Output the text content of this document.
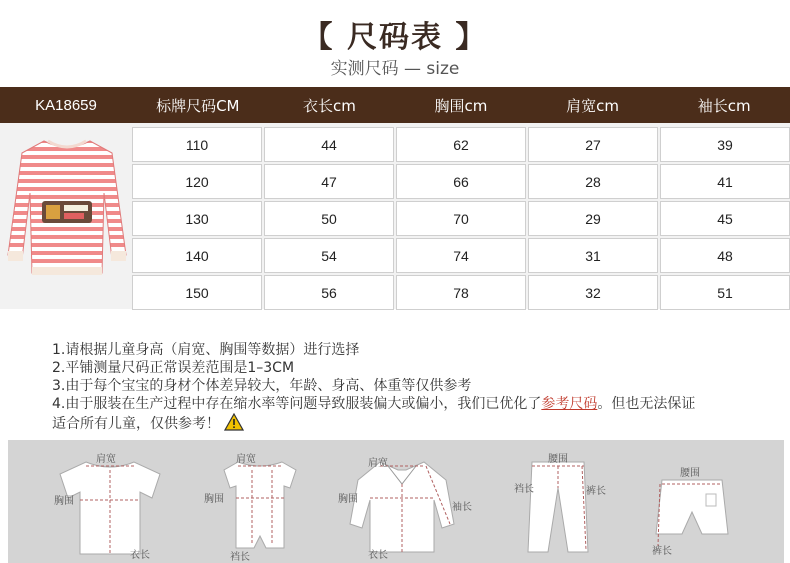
【 尺码表 】
实测尺码 — size
KA18659	标牌尺码CM	衣长cm	胸围cm	肩宽cm	袖长cm
110	44	62	27	39
120	47	66	28	41
130	50	70	29	45
140	54	74	31	48
150	56	78	32	51

1.请根据儿童身高（肩宽、胸围等数据）进行选择

2.平铺测量尺码正常误差范围是1–3CM

3.由于每个宝宝的身材个体差异较大，年龄、身高、体重等仅供参考

4.由于服装在生产过程中存在缩水率等问题导致服装偏大或偏小，我们已优化了参考尺码。但也无法保证

适合所有儿童，仅供参考！

肩宽
胸围
衣长
肩宽
胸围
裆长
肩宽
胸围
袖长
衣长
腰围
裆长	裤长
腰围
裤长
